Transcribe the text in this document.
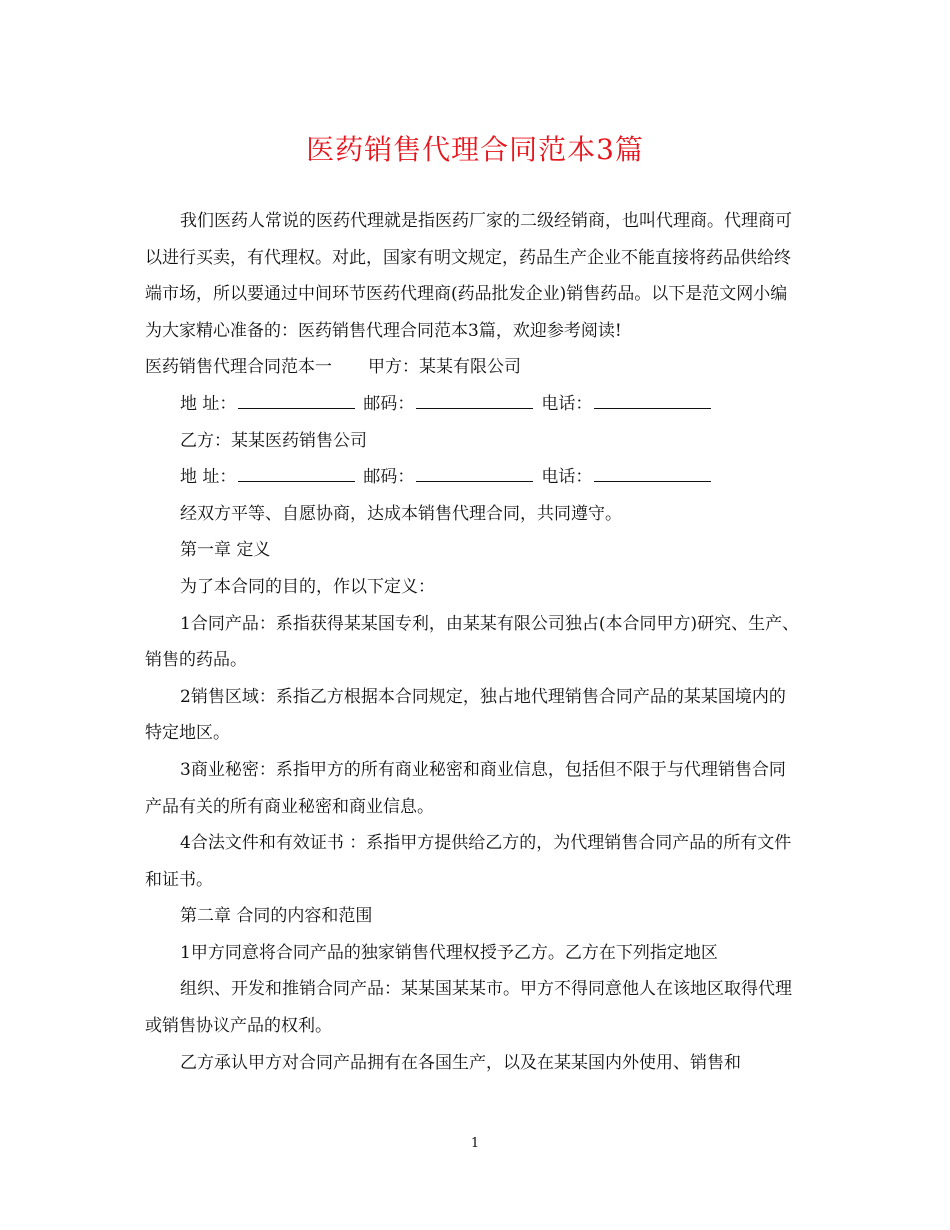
医药销售代理合同范本3篇

我们医药人常说的医药代理就是指医药厂家的二级经销商，也叫代理商。代理商可以进行买卖，有代理权。对此，国家有明文规定，药品生产企业不能直接将药品供给终端市场，所以要通过中间环节医药代理商(药品批发企业)销售药品。以下是范文网小编为大家精心准备的：医药销售代理合同范本3篇，欢迎参考阅读!

医药销售代理合同范本一 甲方：某某有限公司
地 址：	邮码：	电话：

乙方：某某医药销售公司

地 址：	邮码：	电话：

经双方平等、自愿协商，达成本销售代理合同，共同遵守。

第一章 定义

为了本合同的目的，作以下定义：

1合同产品：系指获得某某国专利，由某某有限公司独占(本合同甲方)研究、生产、销售的药品。

2销售区域：系指乙方根据本合同规定，独占地代理销售合同产品的某某国境内的特定地区。

3商业秘密：系指甲方的所有商业秘密和商业信息，包括但不限于与代理销售合同产品有关的所有商业秘密和商业信息。

4合法文件和有效证书 ：系指甲方提供给乙方的，为代理销售合同产品的所有文件和证书。

第二章 合同的内容和范围

1甲方同意将合同产品的独家销售代理权授予乙方。乙方在下列指定地区

组织、开发和推销合同产品：某某国某某市。甲方不得同意他人在该地区取得代理或销售协议产品的权利。

乙方承认甲方对合同产品拥有在各国生产，以及在某某国内外使用、销售和

1
